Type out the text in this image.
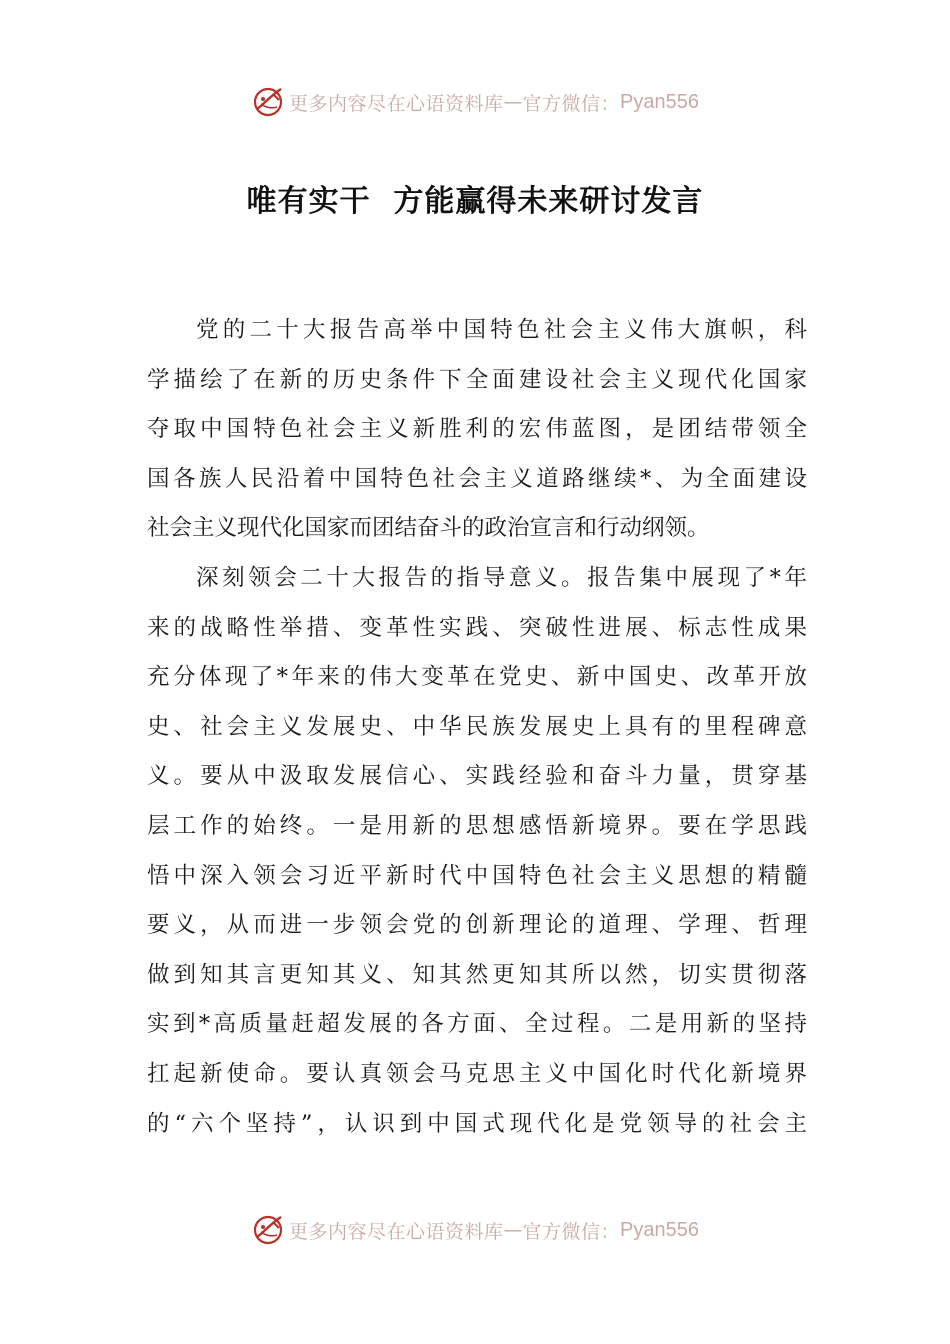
更多内容尽在心语资料库 — 官方微信： Pyan556
唯有实干  方能赢得未来研讨发言
党的二十大报告高举中国特色社会主义伟大旗帜，科
学描绘了在新的历史条件下全面建设社会主义现代化国家
夺取中国特色社会主义新胜利的宏伟蓝图，是团结带领全
国各族人民沿着中国特色社会主义道路继续*、为全面建设
社会主义现代化国家而团结奋斗的政治宣言和行动纲领。
深刻领会二十大报告的指导意义。报告集中展现了*年
来的战略性举措、变革性实践、突破性进展、标志性成果
充分体现了*年来的伟大变革在党史、新中国史、改革开放
史、社会主义发展史、中华民族发展史上具有的里程碑意
义。要从中汲取发展信心、实践经验和奋斗力量，贯穿基
层工作的始终。一是用新的思想感悟新境界。要在学思践
悟中深入领会习近平新时代中国特色社会主义思想的精髓
要义，从而进一步领会党的创新理论的道理、学理、哲理
做到知其言更知其义、知其然更知其所以然，切实贯彻落
实到*高质量赶超发展的各方面、全过程。二是用新的坚持
扛起新使命。要认真领会马克思主义中国化时代化新境界
的“六个坚持”，认识到中国式现代化是党领导的社会主
更多内容尽在心语资料库 — 官方微信： Pyan556
